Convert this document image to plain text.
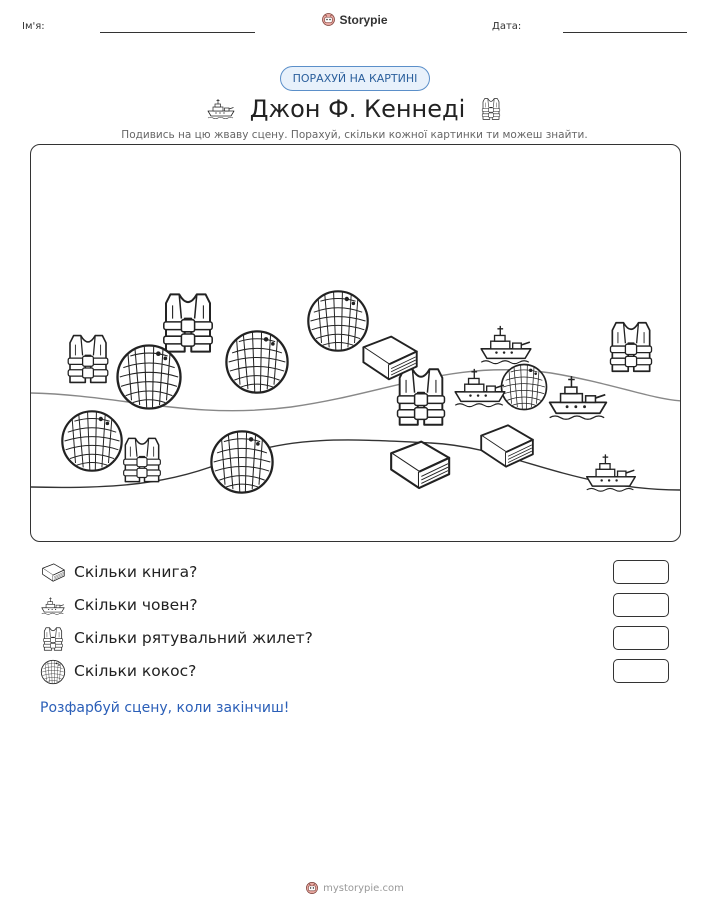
Ім'я:	Storypie	Дата:
ПОРАХУЙ НА КАРТИНІ
Джон Ф. Кеннеді
Подивись на цю жваву сцену. Порахуй, скільки кожної картинки ти можеш знайти.
Скільки книга?
Скільки човен?
Скільки рятувальний жилет?
Скільки кокос?
Розфарбуй сцену, коли закінчиш!
mystorypie.com
